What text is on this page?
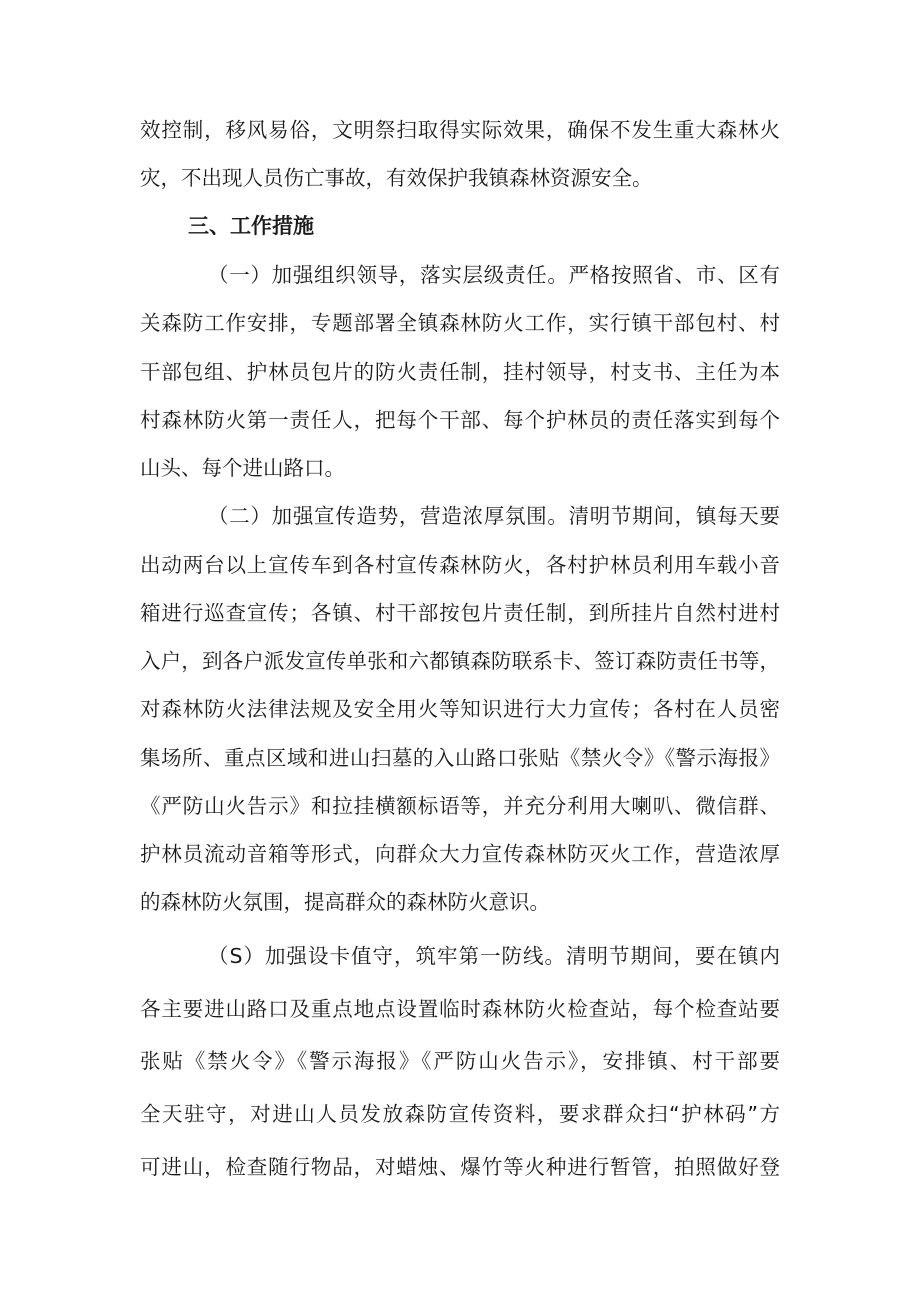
效控制，移风易俗，文明祭扫取得实际效果，确保不发生重大森林火
灾，不出现人员伤亡事故，有效保护我镇森林资源安全。
三、工作措施
（一）加强组织领导，落实层级责任。严格按照省、市、区有
关森防工作安排，专题部署全镇森林防火工作，实行镇干部包村、村
干部包组、护林员包片的防火责任制，挂村领导，村支书、主任为本
村森林防火第一责任人，把每个干部、每个护林员的责任落实到每个
山头、每个进山路口。
（二）加强宣传造势，营造浓厚氛围。清明节期间，镇每天要
出动两台以上宣传车到各村宣传森林防火，各村护林员利用车载小音
箱进行巡查宣传；各镇、村干部按包片责任制，到所挂片自然村进村
入户，到各户派发宣传单张和六都镇森防联系卡、签订森防责任书等，
对森林防火法律法规及安全用火等知识进行大力宣传；各村在人员密
集场所、重点区域和进山扫墓的入山路口张贴《禁火令》《警示海报》
《严防山火告示》和拉挂横额标语等，并充分利用大喇叭、微信群、
护林员流动音箱等形式，向群众大力宣传森林防灭火工作，营造浓厚
的森林防火氛围，提高群众的森林防火意识。
（S）加强设卡值守，筑牢第一防线。清明节期间，要在镇内
各主要进山路口及重点地点设置临时森林防火检查站，每个检查站要
张贴《禁火令》《警示海报》《严防山火告示》，安排镇、村干部要
全天驻守，对进山人员发放森防宣传资料，要求群众扫“护林码”方
可进山，检查随行物品，对蜡烛、爆竹等火种进行暂管，拍照做好登
